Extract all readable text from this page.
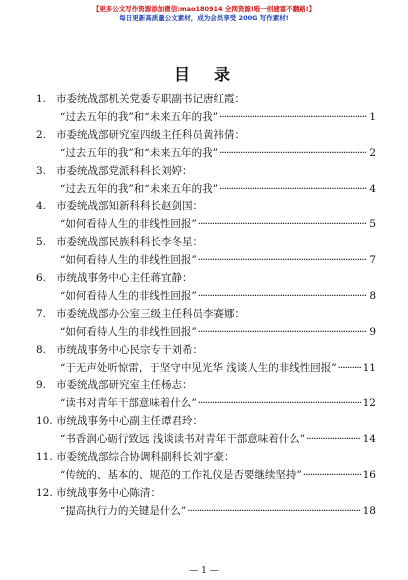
【更多公文写作资源添加微信:mao180914 全网资源!唯一创建富不翻路!】
每日更新高质量公文素材，成为会员享受 200G 写作素材!
目　录
1. 市委统战部机关党委专职副书记唐红霞：
“过去五年的我”和“未来五年的我” ·····	1
2. 市委统战部研究室四级主任科员黄祎倩：
“过去五年的我”和“未来五年的我” ·····	2
3. 市委统战部党派科科长刘婷：
“过去五年的我”和“未来五年的我” ·····	4
4. 市委统战部知新科科长赵剑国：
“如何看待人生的非线性回报” ·····	5
5. 市委统战部民族科科长李冬星：
“如何看待人生的非线性回报” ·····	7
6. 市统战事务中心主任蒋宜静：
“如何看待人生的非线性回报” ·····	8
7. 市委统战部办公室三级主任科员李赛娜：
“如何看待人生的非线性回报” ·····	9
8. 市统战事务中心民宗专干刘希：
“于无声处听惊雷，于坚守中见光华 浅谈人生的非线性回报” ····· 11
9. 市委统战部研究室主任杨志：
“读书对青年干部意味着什么” ·····	12
10. 市统战事务中心副主任谭君玲：
“书香润心砺行致远 浅谈读书对青年干部意味着什么” ·····	14
11. 市委统战部综合协调科副科长刘宇豪：
“传统的、基本的、规范的工作礼仪是否要继续坚持” ·····	16
12. 市统战事务中心陈清：
“提高执行力的关键是什么” ·····	18
— 1 —
